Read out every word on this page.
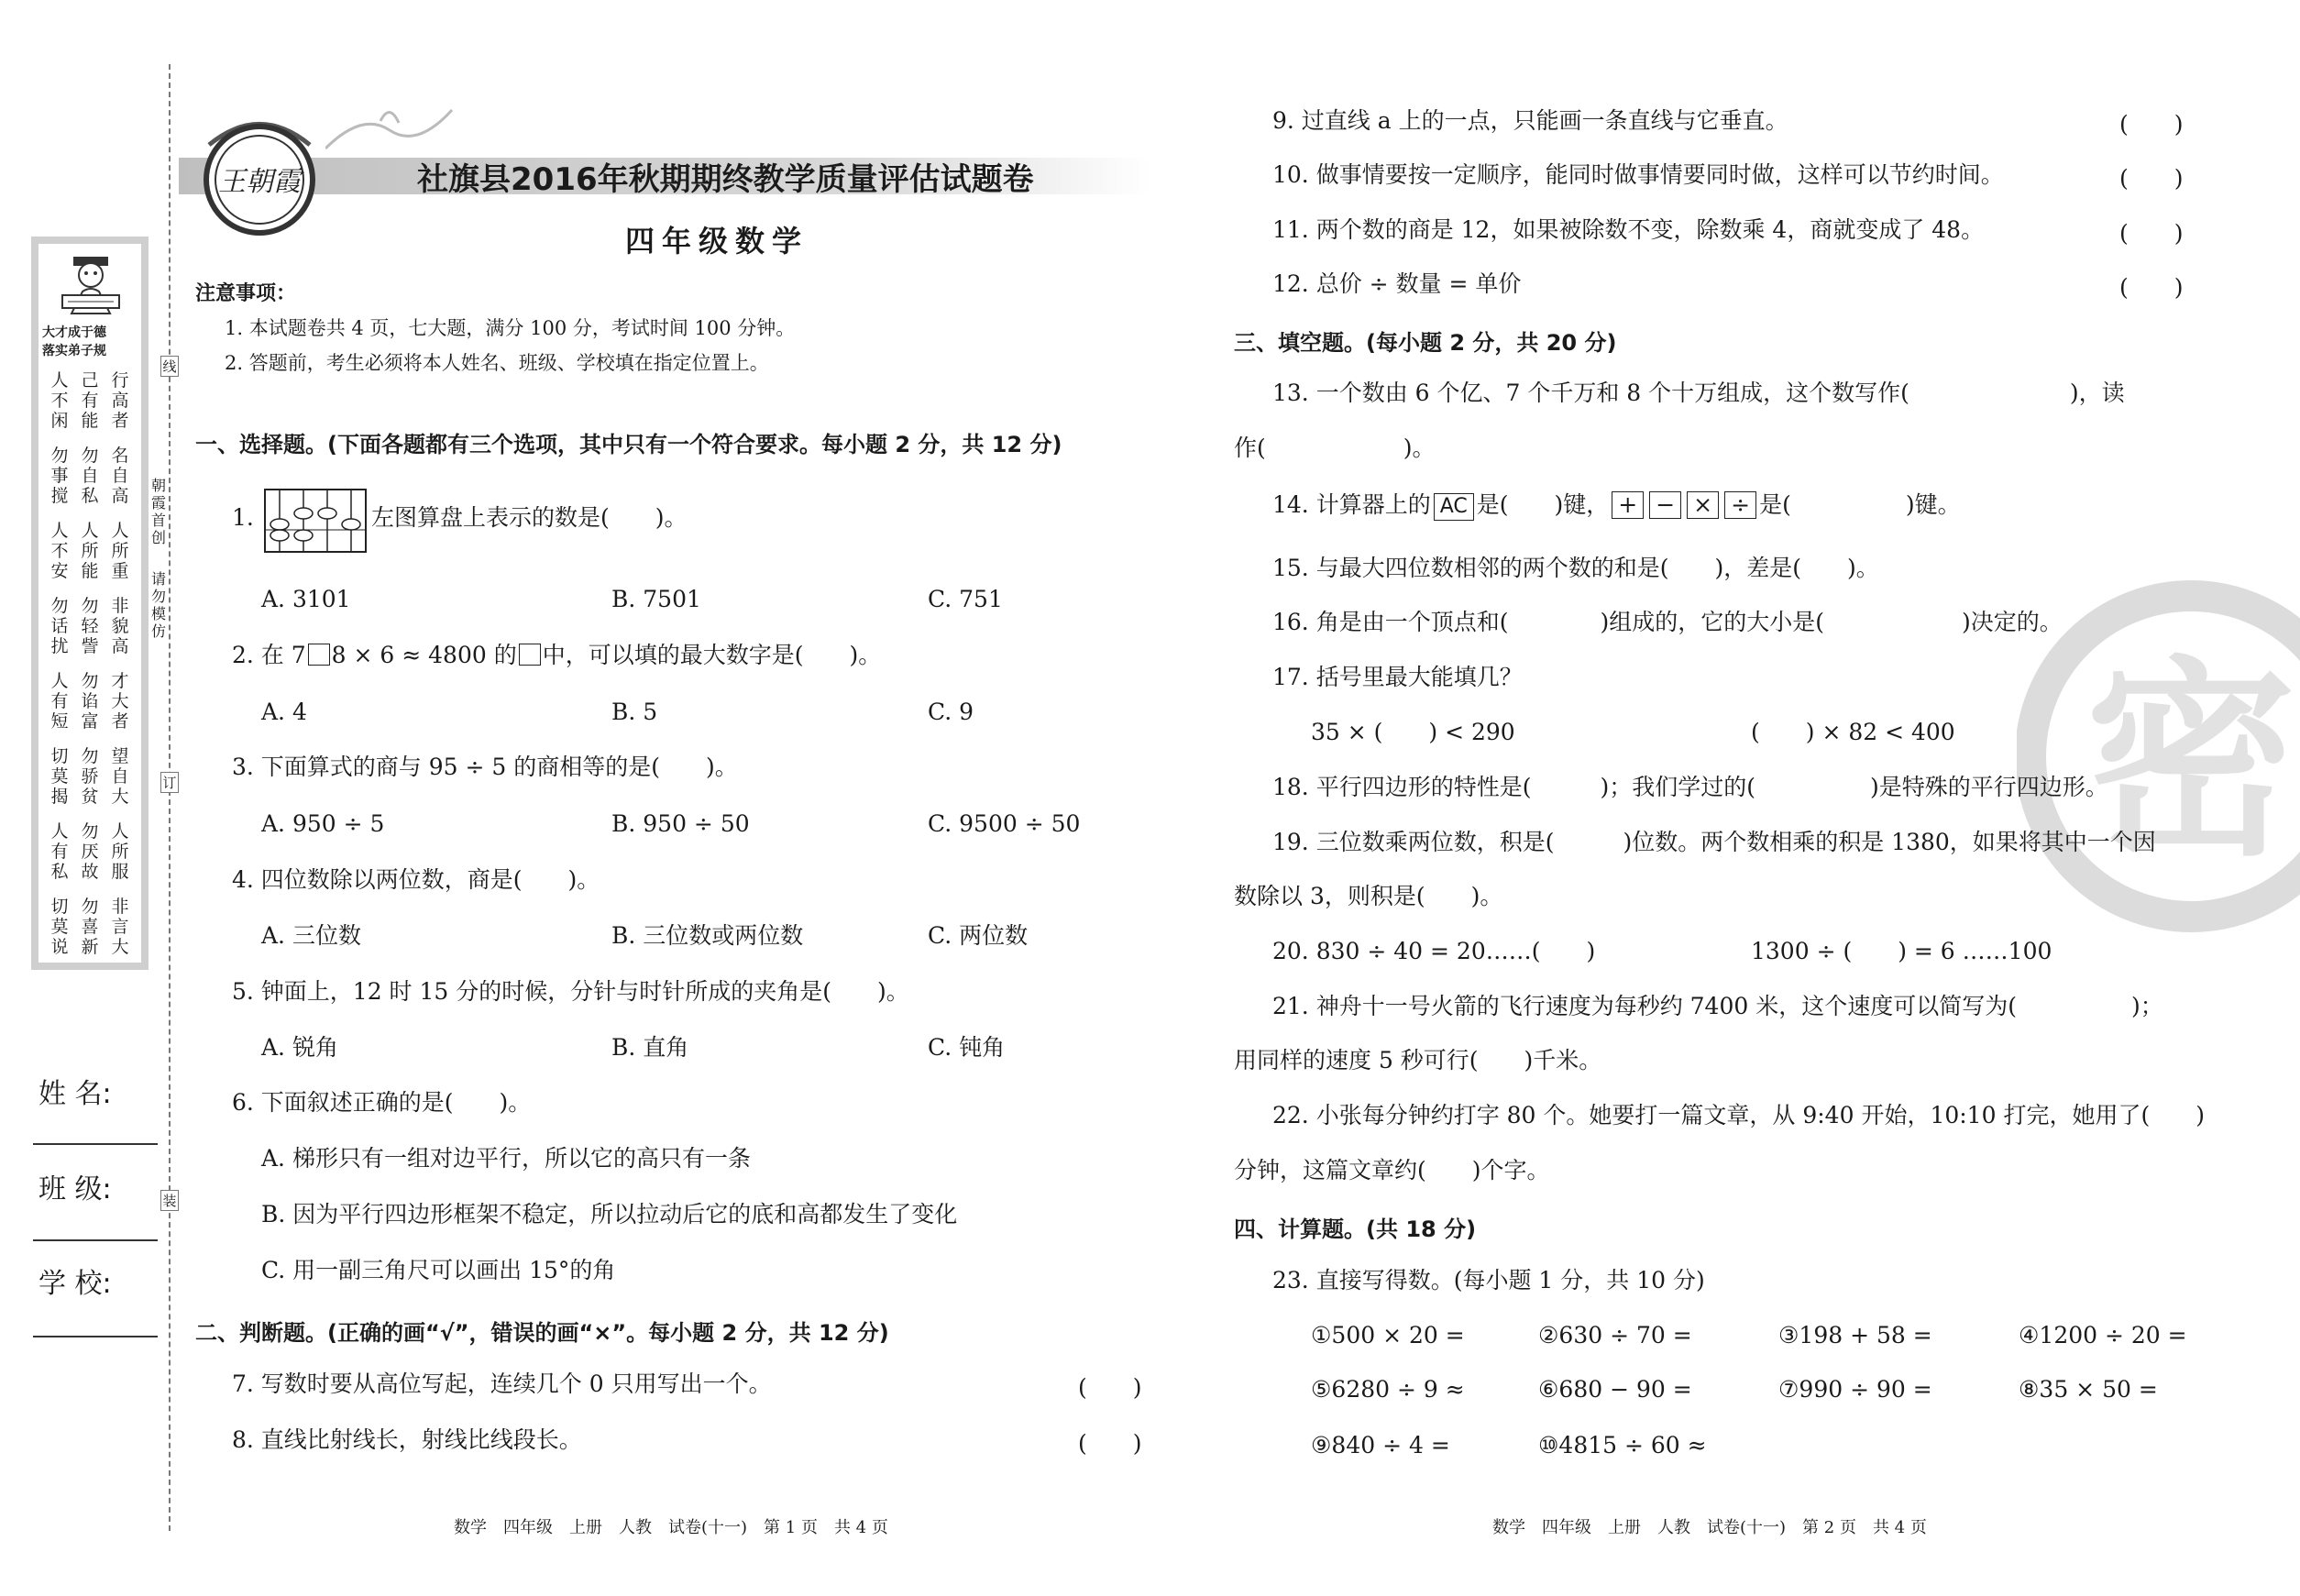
大才成于德
落实弟子规
人不闲
己有能
行高者
勿事搅
勿自私
名自高
人不安
人所能
人所重
勿话扰
勿轻訾
非貌高
人有短
勿谄富
才大者
切莫揭
勿骄贫
望自大
人有私
勿厌故
人所服
切莫说
勿喜新
非言大
姓 名:
班 级:
学 校:
线
订
装
朝霞首创
请勿模仿
王朝霞	社旗县2016年秋期期终教学质量评估试题卷
四年级数学
注意事项：
1. 本试题卷共 4 页，七大题，满分 100 分，考试时间 100 分钟。
2. 答题前，考生必须将本人姓名、班级、学校填在指定位置上。
一、选择题。(下面各题都有三个选项，其中只有一个符合要求。每小题 2 分，共 12 分)
1.	左图算盘上表示的数是(　　)。
A. 3101	B. 7501	C. 751
2. 在 7 8 × 6 ≈ 4800 的 中，可以填的最大数字是(　　)。
A. 4	B. 5	C. 9
3. 下面算式的商与 95 ÷ 5 的商相等的是(　　)。
A. 950 ÷ 5	B. 950 ÷ 50	C. 9500 ÷ 50
4. 四位数除以两位数，商是(　　)。
A. 三位数	B. 三位数或两位数	C. 两位数
5. 钟面上，12 时 15 分的时候，分针与时针所成的夹角是(　　)。
A. 锐角	B. 直角	C. 钝角
6. 下面叙述正确的是(　　)。
A. 梯形只有一组对边平行，所以它的高只有一条
B. 因为平行四边形框架不稳定，所以拉动后它的底和高都发生了变化
C. 用一副三角尺可以画出 15°的角
二、判断题。(正确的画“√”，错误的画“×”。每小题 2 分，共 12 分)
7. 写数时要从高位写起，连续几个 0 只用写出一个。	(　　)
8. 直线比射线长，射线比线段长。	(　　)
数学　四年级　上册　人教　试卷(十一)　第 1 页　共 4 页
密
9. 过直线 a 上的一点，只能画一条直线与它垂直。	(　　)
10. 做事情要按一定顺序，能同时做事情要同时做，这样可以节约时间。	(　　)
11. 两个数的商是 12，如果被除数不变，除数乘 4，商就变成了 48。	(　　)
12. 总价 ÷ 数量 = 单价	(　　)
三、填空题。(每小题 2 分，共 20 分)
13. 一个数由 6 个亿、7 个千万和 8 个十万组成，这个数写作(　　　　　　　)，读
作(　　　　　　)。
14. 计算器上的 AC 是(　　)键， + − × ÷ 是(　　　　　)键。
15. 与最大四位数相邻的两个数的和是(　　)，差是(　　)。
16. 角是由一个顶点和(　　　　)组成的，它的大小是(　　　　　　)决定的。
17. 括号里最大能填几？
35 × (　　) < 290	(　　) × 82 < 400
18. 平行四边形的特性是(　　　)；我们学过的(　　　　　)是特殊的平行四边形。
19. 三位数乘两位数，积是(　　　)位数。两个数相乘的积是 1380，如果将其中一个因
数除以 3，则积是(　　)。
20. 830 ÷ 40 = 20……(　　)	1300 ÷ (　　) = 6 ……100
21. 神舟十一号火箭的飞行速度为每秒约 7400 米，这个速度可以简写为(　　　　　)；
用同样的速度 5 秒可行(　　)千米。
22. 小张每分钟约打字 80 个。她要打一篇文章，从 9:40 开始，10:10 打完，她用了(　　)
分钟，这篇文章约(　　)个字。
四、计算题。(共 18 分)
23. 直接写得数。(每小题 1 分，共 10 分)
①500 × 20 =	②630 ÷ 70 =	③198 + 58 =	④1200 ÷ 20 =
⑤6280 ÷ 9 ≈	⑥680 − 90 =	⑦990 ÷ 90 =	⑧35 × 50 =
⑨840 ÷ 4 =	⑩4815 ÷ 60 ≈
数学　四年级　上册　人教　试卷(十一)　第 2 页　共 4 页
